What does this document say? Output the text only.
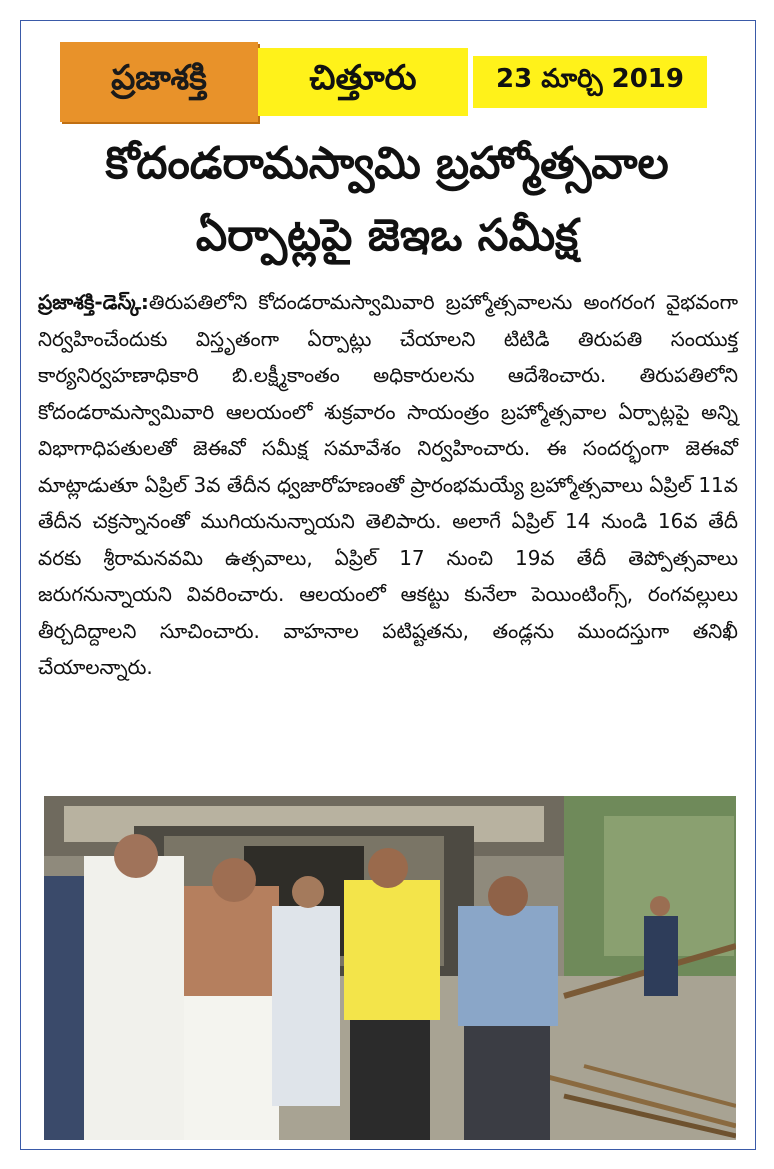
ప్రజాశక్తి	చిత్తూరు	23 మార్చి 2019
కోదండరామస్వామి బ్రహ్మోత్సవాల
ఏర్పాట్లపై జెఇఒ సమీక్ష
ప్రజాశక్తి-డెస్క్:తిరుపతిలోని కోదండరామస్వామివారి బ్రహ్మోత్సవాలను అంగరంగ వైభవంగా నిర్వహించేందుకు విస్తృతంగా ఏర్పాట్లు చేయాలని టిటిడి తిరుపతి సంయుక్త కార్యనిర్వహణాధికారి బి.లక్ష్మీకాంతం అధికారులను ఆదేశించారు. తిరుపతిలోని కోదండరామస్వామివారి ఆలయంలో శుక్రవారం సాయంత్రం బ్రహ్మోత్సవాల ఏర్పాట్లపై అన్ని విభాగాధిపతులతో జెఈవో సమీక్ష సమావేశం నిర్వహించారు. ఈ సందర్భంగా జెఈవో మాట్లాడుతూ ఏప్రిల్ 3వ తేదీన ధ్వజారోహణంతో ప్రారంభమయ్యే బ్రహ్మోత్సవాలు ఏప్రిల్ 11వ తేదీన చక్రస్నానంతో ముగియనున్నాయని తెలిపారు. అలాగే ఏప్రిల్ 14 నుండి 16వ తేదీ వరకు శ్రీరామనవమి ఉత్సవాలు, ఏప్రిల్ 17 నుంచి 19వ తేదీ తెప్పోత్సవాలు జరుగనున్నాయని వివరించారు. ఆలయంలో ఆకట్టు కునేలా పెయింటింగ్స్, రంగవల్లులు తీర్చదిద్దాలని సూచించారు. వాహనాల పటిష్టతను, తండ్లను ముందస్తుగా తనిఖీ చేయాలన్నారు.
